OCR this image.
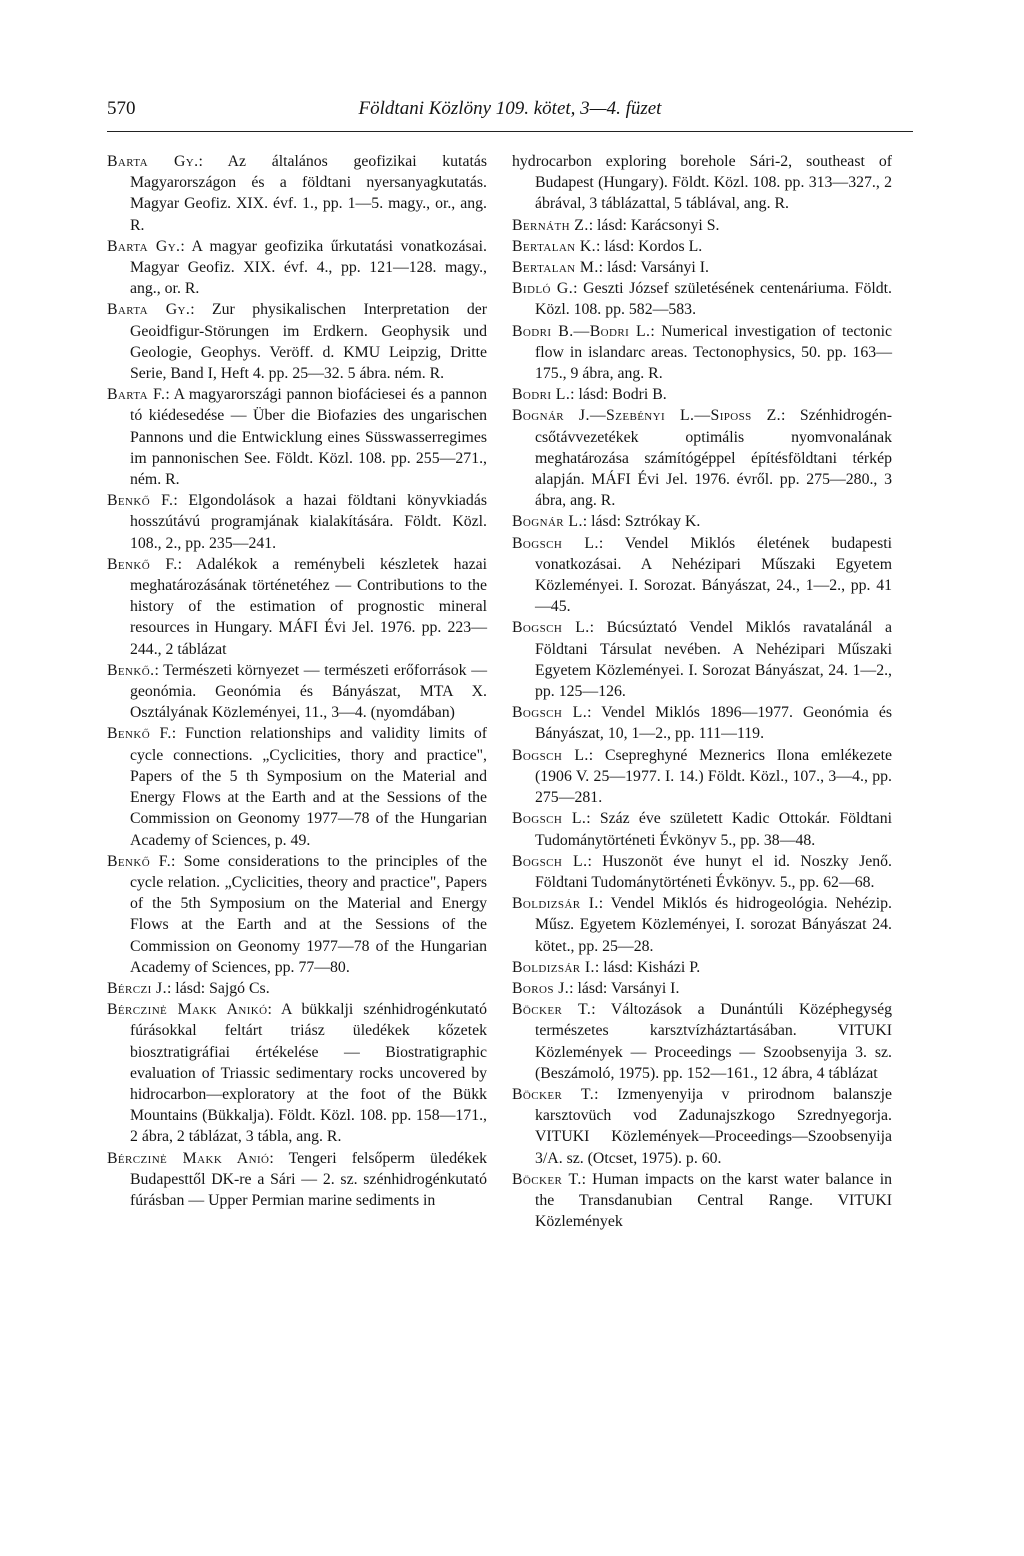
570	Földtani Közlöny 109. kötet, 3—4. füzet

Barta Gy.: Az általános geofizikai kutatás Magyarországon és a földtani nyersanyagkutatás. Magyar Geofiz. XIX. évf. 1., pp. 1—5. magy., or., ang. R.

Barta Gy.: A magyar geofizika űrkutatási vonatkozásai. Magyar Geofiz. XIX. évf. 4., pp. 121—128. magy., ang., or. R.

Barta Gy.: Zur physikalischen Interpretation der Geoidfigur-Störungen im Erdkern. Geophysik und Geologie, Geophys. Veröff. d. KMU Leipzig, Dritte Serie, Band I, Heft 4. pp. 25—32. 5 ábra. ném. R.

Barta F.: A magyarországi pannon biofáciesei és a pannon tó kiédesedése — Über die Biofazies des ungarischen Pannons und die Entwicklung eines Süsswasserregimes im pannonischen See. Földt. Közl. 108. pp. 255—271., ném. R.

Benkő F.: Elgondolások a hazai földtani könyvkiadás hosszútávú programjának kialakítására. Földt. Közl. 108., 2., pp. 235—241.

Benkő F.: Adalékok a reménybeli készletek hazai meghatározásának történetéhez — Contributions to the history of the estimation of prognostic mineral resources in Hungary. MÁFI Évi Jel. 1976. pp. 223—244., 2 táblázat

Benkő.: Természeti környezet — természeti erőforrások — geonómia. Geonómia és Bányászat, MTA X. Osztályának Közleményei, 11., 3—4. (nyomdában)

Benkő F.: Function relationships and validity limits of cycle connections. „Cyclicities, thory and practice", Papers of the 5 th Symposium on the Material and Energy Flows at the Earth and at the Sessions of the Commission on Geonomy 1977—78 of the Hungarian Academy of Sciences, p. 49.

Benkő F.: Some considerations to the principles of the cycle relation. „Cyclicities, theory and practice", Papers of the 5th Symposium on the Material and Energy Flows at the Earth and at the Sessions of the Commission on Geonomy 1977—78 of the Hungarian Academy of Sciences, pp. 77—80.

Bérczi J.: lásd: Sajgó Cs.

Bérczinė Makk Anikó: A bükkalji szénhidrogénkutató fúrásokkal feltárt triász üledékek kőzetek biosztratigráfiai értékelése — Biostratigraphic evaluation of Triassic sedimentary rocks uncovered by hidrocarbon—exploratory at the foot of the Bükk Mountains (Bükkalja). Földt. Közl. 108. pp. 158—171., 2 ábra, 2 táblázat, 3 tábla, ang. R.

Bérczinė Makk Anió: Tengeri felsőperm üledékek Budapesttől DK-re a Sári — 2. sz. szénhidrogénkutató fúrásban — Upper Permian marine sediments in

hydrocarbon exploring borehole Sári-2, southeast of Budapest (Hungary). Földt. Közl. 108. pp. 313—327., 2 ábrával, 3 táblázattal, 5 táblával, ang. R.

Bernáth Z.: lásd: Karácsonyi S.

Bertalan K.: lásd: Kordos L.

Bertalan M.: lásd: Varsányi I.

Bidló G.: Geszti József születésének centenáriuma. Földt. Közl. 108. pp. 582—583.

Bodri B.—Bodri L.: Numerical investigation of tectonic flow in islandarc areas. Tectonophysics, 50. pp. 163—175., 9 ábra, ang. R.

Bodri L.: lásd: Bodri B.

Bognár J.—Szebényi L.—Siposs Z.: Szénhidrogén-csőtávvezetékek optimális nyomvonalának meghatározása számítógéppel építésföldtani térkép alapján. MÁFI Évi Jel. 1976. évről. pp. 275—280., 3 ábra, ang. R.

Bognár L.: lásd: Sztrókay K.

Bogsch L.: Vendel Miklós életének budapesti vonatkozásai. A Nehézipari Műszaki Egyetem Közleményei. I. Sorozat. Bányászat, 24., 1—2., pp. 41—45.

Bogsch L.: Búcsúztató Vendel Miklós ravatalánál a Földtani Társulat nevében. A Nehézipari Műszaki Egyetem Közleményei. I. Sorozat Bányászat, 24. 1—2., pp. 125—126.

Bogsch L.: Vendel Miklós 1896—1977. Geonómia és Bányászat, 10, 1—2., pp. 111—119.

Bogsch L.: Csepreghyné Meznerics Ilona emlékezete (1906 V. 25—1977. I. 14.) Földt. Közl., 107., 3—4., pp. 275—281.

Bogsch L.: Száz éve született Kadic Ottokár. Földtani Tudománytörténeti Évkönyv 5., pp. 38—48.

Bogsch L.: Huszonöt éve hunyt el id. Noszky Jenő. Földtani Tudománytörténeti Évkönyv. 5., pp. 62—68.

Boldizsár I.: Vendel Miklós és hidrogeológia. Nehézip. Műsz. Egyetem Közleményei, I. sorozat Bányászat 24. kötet., pp. 25—28.

Boldizsár I.: lásd: Kisházi P.

Boros J.: lásd: Varsányi I.

Böcker T.: Változások a Dunántúli Középhegység természetes karsztvízháztartásában. VITUKI Közlemények — Proceedings — Szoobsenyija 3. sz. (Beszámoló, 1975). pp. 152—161., 12 ábra, 4 táblázat

Böcker T.: Izmenyenyija v prirodnom balanszje karsztovüch vod Zadunajszkogo Szrednyegorja. VITUKI Közlemények—Proceedings—Szoobsenyija 3/A. sz. (Otcset, 1975). p. 60.

Böcker T.: Human impacts on the karst water balance in the Transdanubian Central Range. VITUKI Közlemények
